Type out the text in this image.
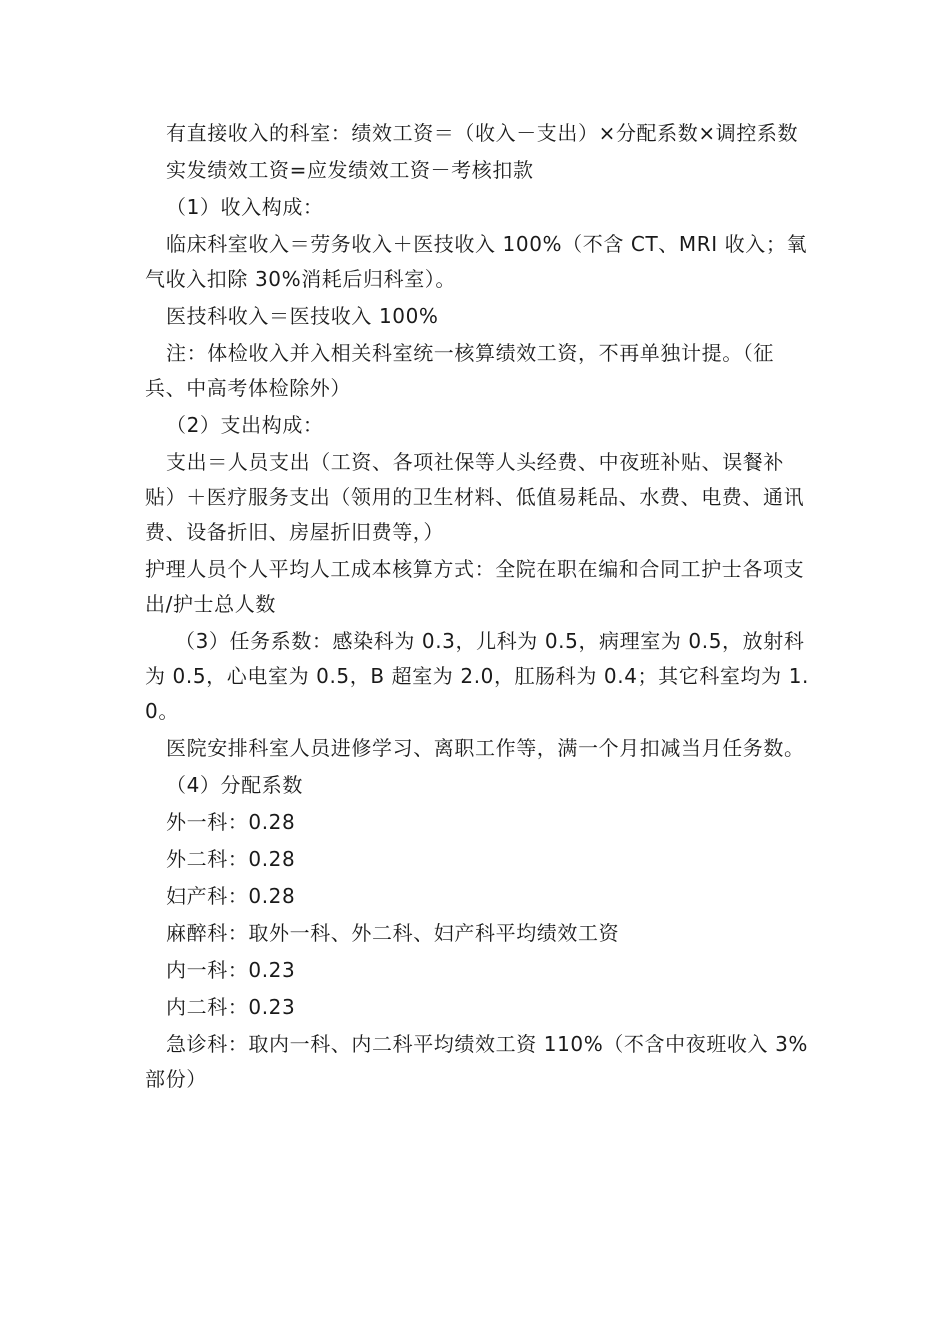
有直接收入的科室：绩效工资＝（收入－支出）×分配系数×调控系数

实发绩效工资=应发绩效工资－考核扣款

（1）收入构成：

临床科室收入＝劳务收入＋医技收入 100%（不含 CT、MRI 收入；氧气收入扣除 30%消耗后归科室）。

医技科收入＝医技收入 100%

注：体检收入并入相关科室统一核算绩效工资，不再单独计提。（征兵、中高考体检除外）

（2）支出构成：

支出＝人员支出（工资、各项社保等人头经费、中夜班补贴、误餐补贴）＋医疗服务支出（领用的卫生材料、低值易耗品、水费、电费、通讯费、设备折旧、房屋折旧费等，）

护理人员个人平均人工成本核算方式：全院在职在编和合同工护士各项支出/护士总人数

（3）任务系数：感染科为 0.3，儿科为 0.5，病理室为 0.5，放射科为 0.5，心电室为 0.5，B 超室为 2.0，肛肠科为 0.4；其它科室均为 1.0。

医院安排科室人员进修学习、离职工作等，满一个月扣减当月任务数。

（4）分配系数

外一科：0.28

外二科：0.28

妇产科：0.28

麻醉科：取外一科、外二科、妇产科平均绩效工资

内一科：0.23

内二科：0.23

急诊科：取内一科、内二科平均绩效工资 110%（不含中夜班收入 3%部份）
